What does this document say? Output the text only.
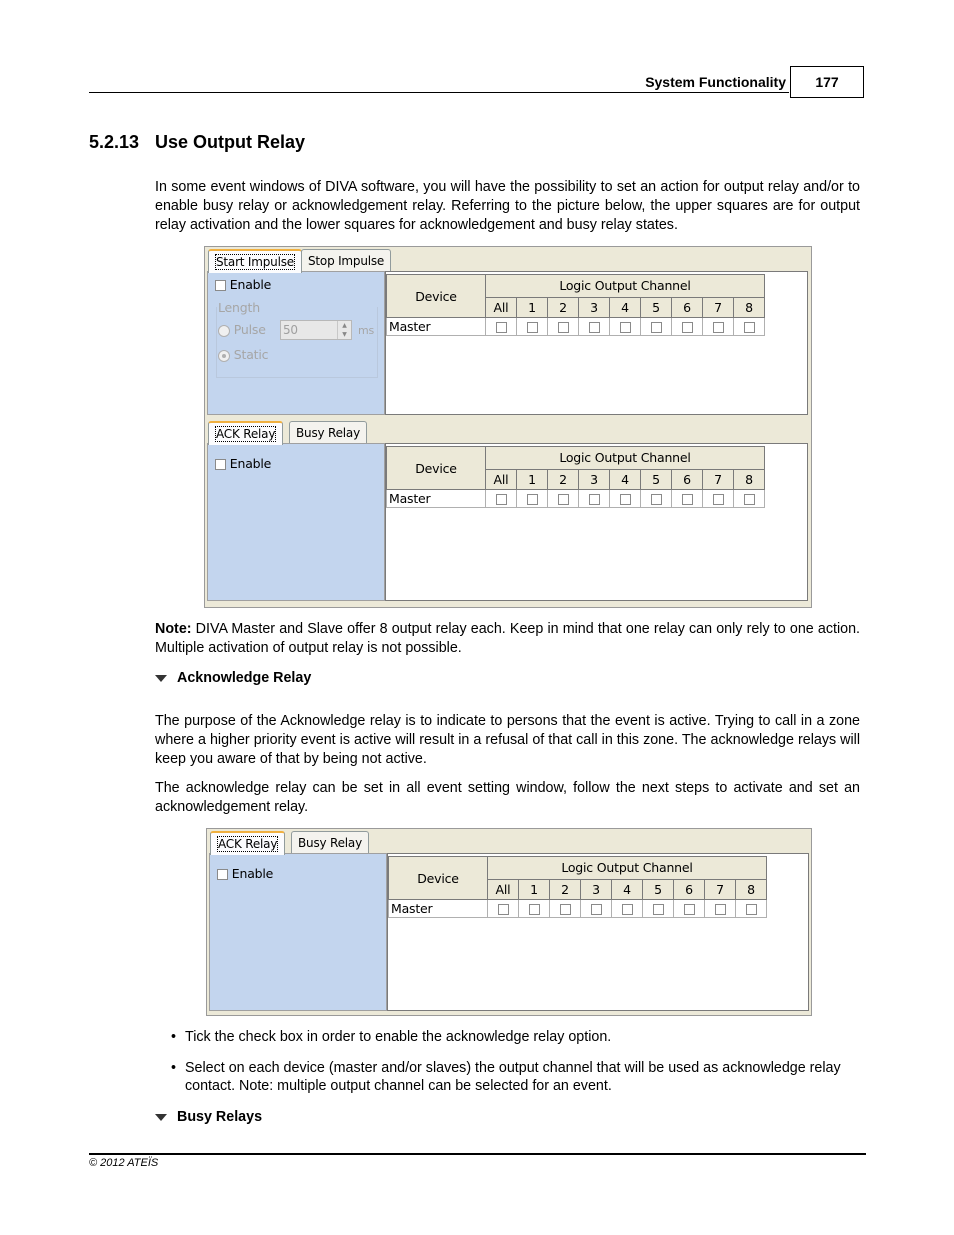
System Functionality	177
5.2.13 Use Output Relay

In some event windows of DIVA software, you will have the possibility to set an action for output relay and/or to enable busy relay or acknowledgement relay. Referring to the picture below, the upper squares are for output relay activation and the lower squares for acknowledgement and busy relay states.

Start Impulse	Stop Impulse
Enable
Length
Pulse 50	▲
▼	ms
Static
Device	Logic Output Channel								
	All	1	2	3	4	5	6	7	8
Master									
ACK Relay	Busy Relay
Enable	Device	Logic Output Channel								
	All	1	2	3	4	5	6	7	8
Master									

Note: DIVA Master and Slave offer 8 output relay each. Keep in mind that one relay can only rely to one action. Multiple activation of output relay is not possible.

Acknowledge Relay

The purpose of the Acknowledge relay is to indicate to persons that the event is active. Trying to call in a zone where a higher priority event is active will result in a refusal of that call in this zone. The acknowledge relays will keep you aware of that by being not active.

The acknowledge relay can be set in all event setting window, follow the next steps to activate and set an acknowledgement relay.

ACK Relay	Busy Relay
Enable	Device	Logic Output Channel								
	All	1	2	3	4	5	6	7	8
Master									
• Tick the check box in order to enable the acknowledge relay option.
• Select on each device (master and/or slaves) the output channel that will be used as acknowledge relay contact. Note: multiple output channel can be selected for an event.
Busy Relays
© 2012 ATEÏS
